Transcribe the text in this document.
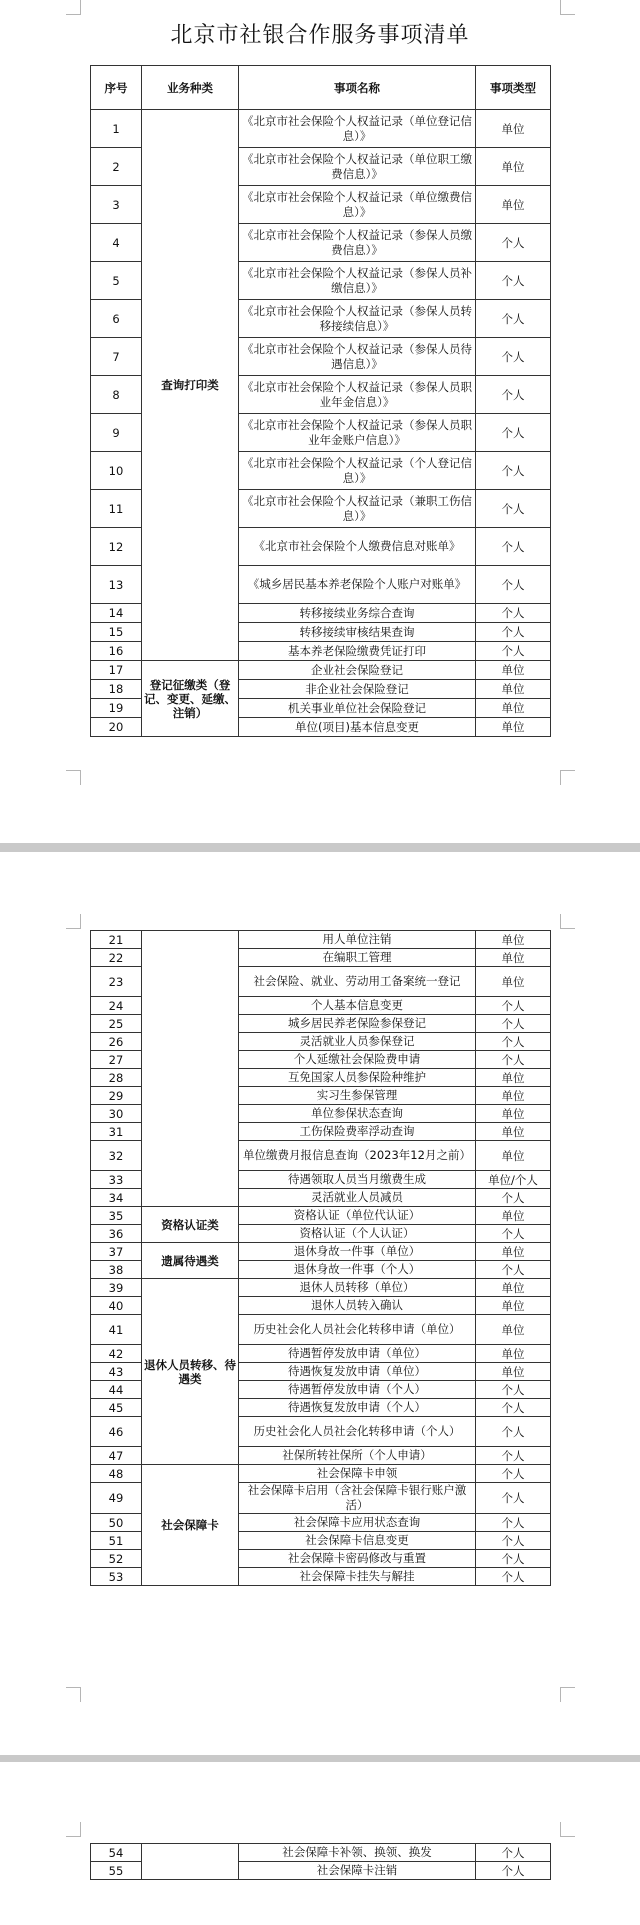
北京市社银合作服务事项清单
序号	业务种类	事项名称	事项类型
1	查询打印类	《北京市社会保险个人权益记录（单位登记信息）》	单位
2		《北京市社会保险个人权益记录（单位职工缴费信息）》	单位
3		《北京市社会保险个人权益记录（单位缴费信息）》	单位
4		《北京市社会保险个人权益记录（参保人员缴费信息）》	个人
5		《北京市社会保险个人权益记录（参保人员补缴信息）》	个人
6		《北京市社会保险个人权益记录（参保人员转移接续信息）》	个人
7		《北京市社会保险个人权益记录（参保人员待遇信息）》	个人
8		《北京市社会保险个人权益记录（参保人员职业年金信息）》	个人
9		《北京市社会保险个人权益记录（参保人员职业年金账户信息）》	个人
10		《北京市社会保险个人权益记录（个人登记信息）》	个人
11		《北京市社会保险个人权益记录（兼职工伤信息）》	个人
12		《北京市社会保险个人缴费信息对账单》	个人
13		《城乡居民基本养老保险个人账户对账单》	个人
14		转移接续业务综合查询	个人
15		转移接续审核结果查询	个人
16		基本养老保险缴费凭证打印	个人
17	登记征缴类（登记、变更、延缴、注销）	企业社会保险登记	单位
18		非企业社会保险登记	单位
19		机关事业单位社会保险登记	单位
20		单位(项目)基本信息变更	单位
21		用人单位注销	单位
22		在编职工管理	单位
23		社会保险、就业、劳动用工备案统一登记	单位
24		个人基本信息变更	个人
25		城乡居民养老保险参保登记	个人
26		灵活就业人员参保登记	个人
27		个人延缴社会保险费申请	个人
28		互免国家人员参保险种维护	单位
29		实习生参保管理	单位
30		单位参保状态查询	单位
31		工伤保险费率浮动查询	单位
32		单位缴费月报信息查询（2023年12月之前）	单位
33		待遇领取人员当月缴费生成	单位/个人
34		灵活就业人员减员	个人
35	资格认证类	资格认证（单位代认证）	单位
36		资格认证（个人认证）	个人
37	遗属待遇类	退休身故一件事（单位）	单位
38		退休身故一件事（个人）	个人
39	退休人员转移、待遇类	退休人员转移（单位）	单位
40		退休人员转入确认	单位
41		历史社会化人员社会化转移申请（单位）	单位
42		待遇暂停发放申请（单位）	单位
43		待遇恢复发放申请（单位）	单位
44		待遇暂停发放申请（个人）	个人
45		待遇恢复发放申请（个人）	个人
46		历史社会化人员社会化转移申请（个人）	个人
47		社保所转社保所（个人申请）	个人
48	社会保障卡	社会保障卡申领	个人
49		社会保障卡启用（含社会保障卡银行账户激活）	个人
50		社会保障卡应用状态查询	个人
51		社会保障卡信息变更	个人
52		社会保障卡密码修改与重置	个人
53		社会保障卡挂失与解挂	个人
54		社会保障卡补领、换领、换发	个人
55		社会保障卡注销	个人
